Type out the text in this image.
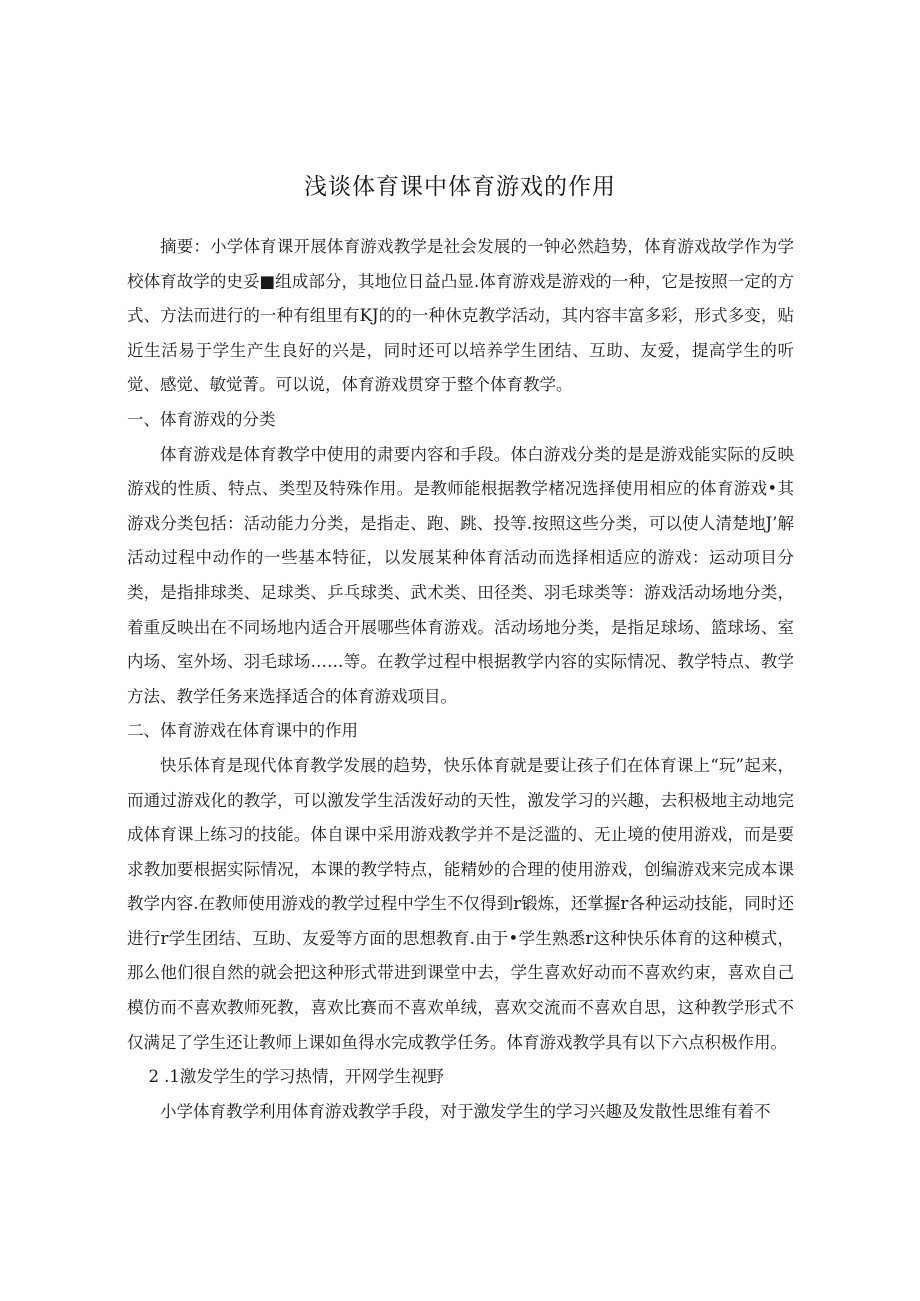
浅谈体育课中体育游戏的作用

摘要：小学体育课开展体育游戏教学是社会发展的一钟必然趋势，体育游戏故学作为学校体育故学的史妥■组成部分，其地位日益凸显.体育游戏是游戏的一种，它是按照一定的方式、方法而进行的一种有组里有KJ的的一种休克教学活动，其内容丰富多彩，形式多变，贴近生活易于学生产生良好的兴是，同时还可以培养学生团结、互助、友爱，提高学生的听觉、感觉、敏觉菁。可以说，体育游戏贯穿于整个体育教学。

一、体育游戏的分类

体育游戏是体育教学中使用的肃要内容和手段。体白游戏分类的是是游戏能实际的反映游戏的性质、特点、类型及特殊作用。是教师能根据教学楮况选择使用相应的体育游戏•其游戏分类包括：活动能力分类，是指走、跑、跳、投等.按照这些分类，可以使人清楚地J’解活动过程中动作的一些基本特征，以发展某种体育活动而选择相适应的游戏：运动项目分类，是指排球类、足球类、乒乓球类、武术类、田径类、羽毛球类等：游戏活动场地分类，着重反映出在不同场地内适合开展哪些体育游戏。活动场地分类，是指足球场、篮球场、室内场、室外场、羽毛球场……等。在教学过程中根据教学内容的实际情况、教学特点、教学方法、教学任务来选择适合的体育游戏项目。

二、体育游戏在体育课中的作用

快乐体育是现代体育教学发展的趋势，快乐体育就是要让孩子们在体育课上“玩”起来，而通过游戏化的教学，可以激发学生活泼好动的天性，激发学习的兴趣，去积极地主动地完成体育课上练习的技能。体自课中采用游戏教学并不是泛滥的、无止境的使用游戏，而是要求教加要根据实际情况，本课的教学特点，能精妙的合理的使用游戏，创编游戏来完成本课教学内容.在教师使用游戏的教学过程中学生不仅得到r锻炼，还掌握r各种运动技能，同时还进行r学生团结、互助、友爱等方面的思想教育.由于•学生熟悉r这种快乐体育的这种模式，那么他们很自然的就会把这种形式带进到课堂中去，学生喜欢好动而不喜欢约束，喜欢自己模仿而不喜欢教师死教，喜欢比赛而不喜欢单绒，喜欢交流而不喜欢自思，这种教学形式不仅满足了学生还让教师上课如鱼得水完成教学任务。体育游戏教学具有以下六点积极作用。

2 .1激发学生的学习热情，开网学生视野

小学体育教学利用体育游戏教学手段，对于激发学生的学习兴趣及发散性思维有着不
